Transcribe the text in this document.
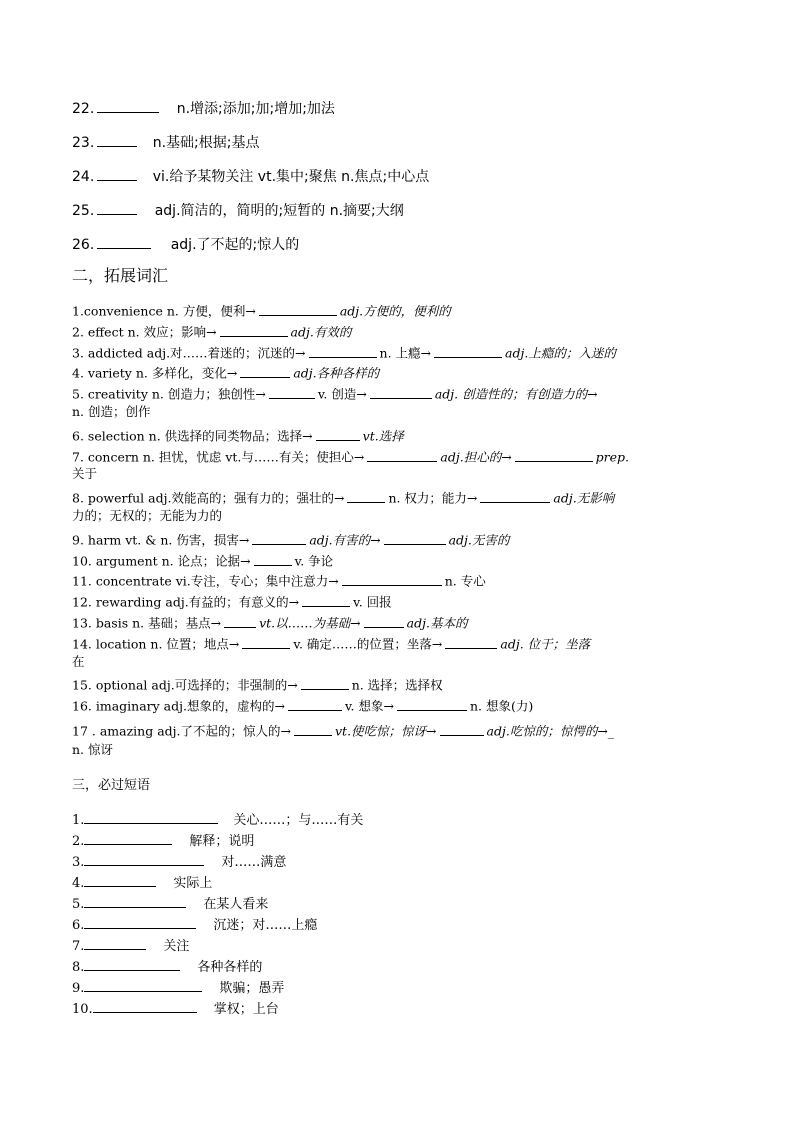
22.	n.增添;添加;加;增加;加法
23.	n.基础;根据;基点
24.	vi.给予某物关注 vt.集中;聚焦 n.焦点;中心点
25.	adj.简洁的，简明的;短暂的 n.摘要;大纲
26.	adj.了不起的;惊人的
二，拓展词汇
1.convenience n. 方便，便利→	adj.方便的，便利的
2. effect n. 效应；影响→	adj.有效的
3. addicted adj.对……着迷的；沉迷的→	n. 上瘾→	adj.上瘾的；入迷的
4. variety n. 多样化，变化→	adj.各种各样的
5. creativity n. 创造力；独创性→	v. 创造→	adj. 创造性的；有创造力的→
n. 创造；创作
6. selection n. 供选择的同类物品；选择→	vt.选择
7. concern n. 担忧，忧虑 vt.与……有关；使担心→	adj.担心的→	prep.
关于
8. powerful adj.效能高的；强有力的；强壮的→	n. 权力；能力→	adj.无影响
力的；无权的；无能为力的
9. harm vt. & n. 伤害，损害→	adj.有害的→	adj.无害的
10. argument n. 论点；论据→	v. 争论
11. concentrate vi.专注，专心；集中注意力→	n. 专心
12. rewarding adj.有益的；有意义的→	v. 回报
13. basis n. 基础；基点→	vt.以……为基础→	adj.基本的
14. location n. 位置；地点→	v. 确定……的位置；坐落→	adj. 位于；坐落
在
15. optional adj.可选择的；非强制的→	n. 选择；选择权
16. imaginary adj.想象的，虚构的→	v. 想象→	n. 想象(力)
17 . amazing adj.了不起的；惊人的→	vt.使吃惊；惊讶→	adj.吃惊的；惊愕的→_
n. 惊讶
三，必过短语
1.	关心……；与……有关
2.	解释；说明
3.	对……满意
4.	实际上
5.	在某人看来
6.	沉迷；对……上瘾
7.	关注
8.	各种各样的
9.	欺骗；愚弄
10.	掌权；上台
